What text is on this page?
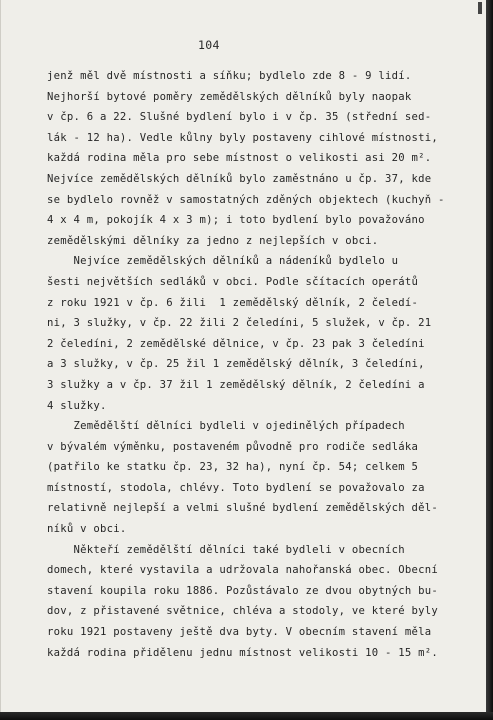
104
jenž měl dvě místnosti a síňku; bydlelo zde 8 - 9 lidí.
Nejhorší bytové poměry zemědělských dělníků byly naopak
v čp. 6 a 22. Slušné bydlení bylo i v čp. 35 (střední sed-
lák - 12 ha). Vedle kůlny byly postaveny cihlové místnosti,
každá rodina měla pro sebe místnost o velikosti asi 20 m².
Nejvíce zemědělských dělníků bylo zaměstnáno u čp. 37, kde
se bydlelo rovněž v samostatných zděných objektech (kuchyň -
4 x 4 m, pokojík 4 x 3 m); i toto bydlení bylo považováno
zemědělskými dělníky za jedno z nejlepších v obci.
Nejvíce zemědělských dělníků a nádeníků bydlelo u
šesti největších sedláků v obci. Podle sčítacích operátů
z roku 1921 v čp. 6 žili  1 zemědělský dělník, 2 čeledí-
ni, 3 služky, v čp. 22 žili 2 čeledíni, 5 služek, v čp. 21
2 čeledíni, 2 zemědělské dělnice, v čp. 23 pak 3 čeledíni
a 3 služky, v čp. 25 žil 1 zemědělský dělník, 3 čeledíni,
3 služky a v čp. 37 žil 1 zemědělský dělník, 2 čeledíni a
4 služky.
Zemědělští dělníci bydleli v ojedinělých případech
v bývalém výměnku, postaveném původně pro rodiče sedláka
(patřilo ke statku čp. 23, 32 ha), nyní čp. 54; celkem 5
místností, stodola, chlévy. Toto bydlení se považovalo za
relativně nejlepší a velmi slušné bydlení zemědělských děl-
níků v obci.
Někteří zemědělští dělníci také bydleli v obecních
domech, které vystavila a udržovala nahořanská obec. Obecní
stavení koupila roku 1886. Pozůstávalo ze dvou obytných bu-
dov, z přistavené světnice, chléva a stodoly, ve které byly
roku 1921 postaveny ještě dva byty. V obecním stavení měla
každá rodina přidělenu jednu místnost velikosti 10 - 15 m².
